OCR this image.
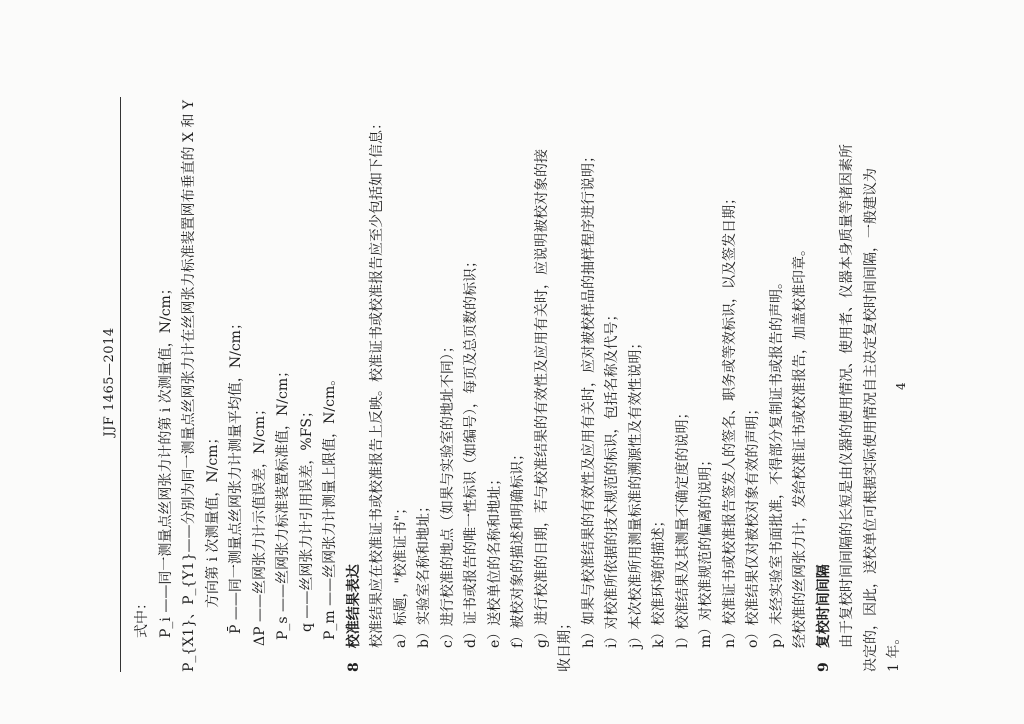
JJF 1465—2014
式中： P_i ——同一测量点丝网张力计的第 i 次测量值，N/cm； P_{X1}、P_{Y1}——分别为同一测量点丝网张力计在丝网张力标准装置网布垂直的 X 和 Y 方向第 i 次测量值，N/cm； P̄ ——同一测量点丝网张力计测量平均值，N/cm； ΔP ——丝网张力计示值误差，N/cm； P_s ——丝网张力标准装置标准值，N/cm； q ——丝网张力计引用误差，%FS； P_m ——丝网张力计测量上限值，N/cm。 8　校准结果表达 校准结果应在校准证书或校准报告上反映。校准证书或校准报告应至少包括如下信息： a）标题，"校准证书"； b）实验室名称和地址； c）进行校准的地点（如果与实验室的地址不同）； d）证书或报告的唯一性标识（如编号），每页及总页数的标识； e）送校单位的名称和地址； f）被校对象的描述和明确标识； g）进行校准的日期，若与校准结果的有效性及应用有关时，应说明被校对象的接 收日期； h）如果与校准结果的有效性及应用有关时，应对被校样品的抽样程序进行说明； i）对校准所依据的技术规范的标识，包括名称及代号； j）本次校准所用测量标准的溯源性及有效性说明； k）校准环境的描述； l）校准结果及其测量不确定度的说明； m）对校准规范的偏离的说明； n）校准证书或校准报告签发人的签名、职务或等效标识，以及签发日期； o）校准结果仅对被校对象有效的声明； p）未经实验室书面批准，不得部分复制证书或报告的声明。 经校准的丝网张力计，发给校准证书或校准报告，加盖校准印章。 9　复校时间间隔 由于复校时间间隔的长短是由仪器的使用情况、使用者、仪器本身质量等诸因素所 决定的，因此，送校单位可根据实际使用情况自主决定复校时间间隔，一般建议为 1 年。
4
